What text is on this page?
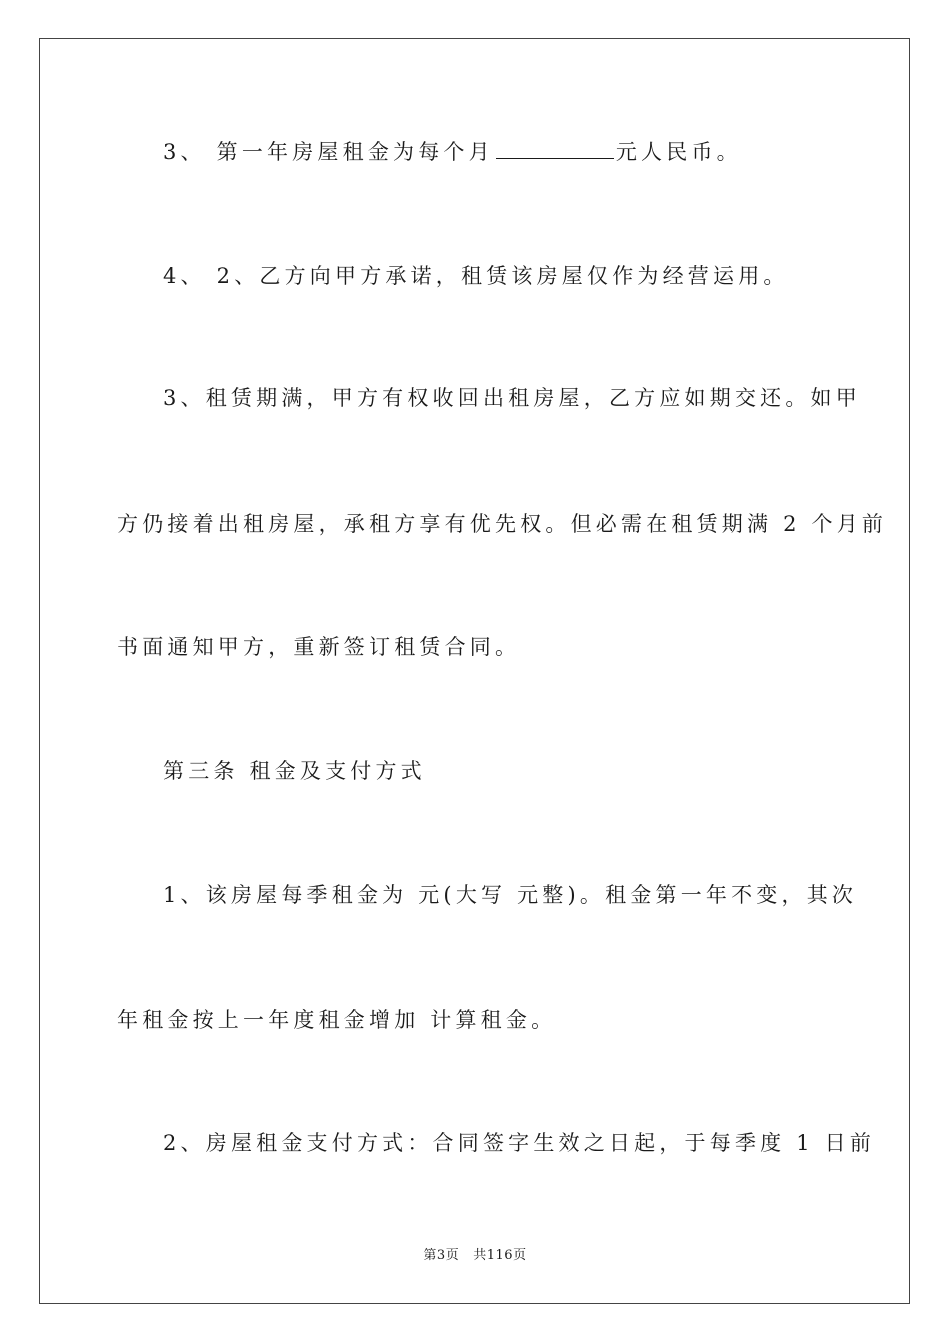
3、 第一年房屋租金为每个月	元人民币。
4、 2、乙方向甲方承诺，租赁该房屋仅作为经营运用。
3、租赁期满，甲方有权收回出租房屋，乙方应如期交还。如甲
方仍接着出租房屋，承租方享有优先权。但必需在租赁期满 2 个月前
书面通知甲方，重新签订租赁合同。
第三条 租金及支付方式
1、该房屋每季租金为 元(大写 元整)。租金第一年不变，其次
年租金按上一年度租金增加 计算租金。
2、房屋租金支付方式：合同签字生效之日起，于每季度 1 日前
第3页 共116页
